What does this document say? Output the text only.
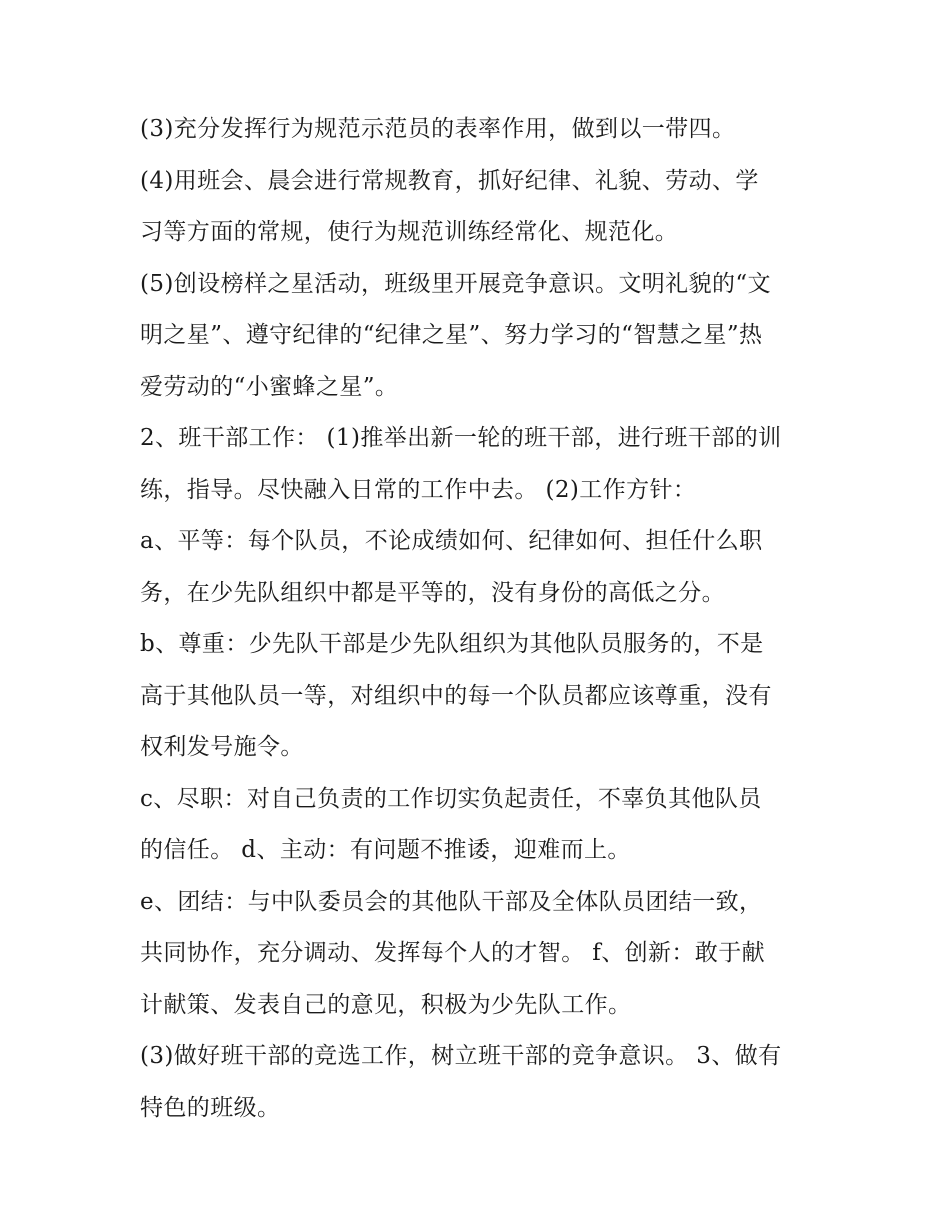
(3)充分发挥行为规范示范员的表率作用，做到以一带四。
(4)用班会、晨会进行常规教育，抓好纪律、礼貌、劳动、学
习等方面的常规，使行为规范训练经常化、规范化。
(5)创设榜样之星活动，班级里开展竞争意识。文明礼貌的“文
明之星”、遵守纪律的“纪律之星”、努力学习的“智慧之星”热
爱劳动的“小蜜蜂之星”。
2、班干部工作： (1)推举出新一轮的班干部，进行班干部的训
练，指导。尽快融入日常的工作中去。 (2)工作方针：
a、平等：每个队员，不论成绩如何、纪律如何、担任什么职
务，在少先队组织中都是平等的，没有身份的高低之分。
b、尊重：少先队干部是少先队组织为其他队员服务的，不是
高于其他队员一等，对组织中的每一个队员都应该尊重，没有
权利发号施令。
c、尽职：对自己负责的工作切实负起责任，不辜负其他队员
的信任。 d、主动：有问题不推诿，迎难而上。
e、团结：与中队委员会的其他队干部及全体队员团结一致，
共同协作，充分调动、发挥每个人的才智。 f、创新：敢于献
计献策、发表自己的意见，积极为少先队工作。
(3)做好班干部的竞选工作，树立班干部的竞争意识。 3、做有
特色的班级。
